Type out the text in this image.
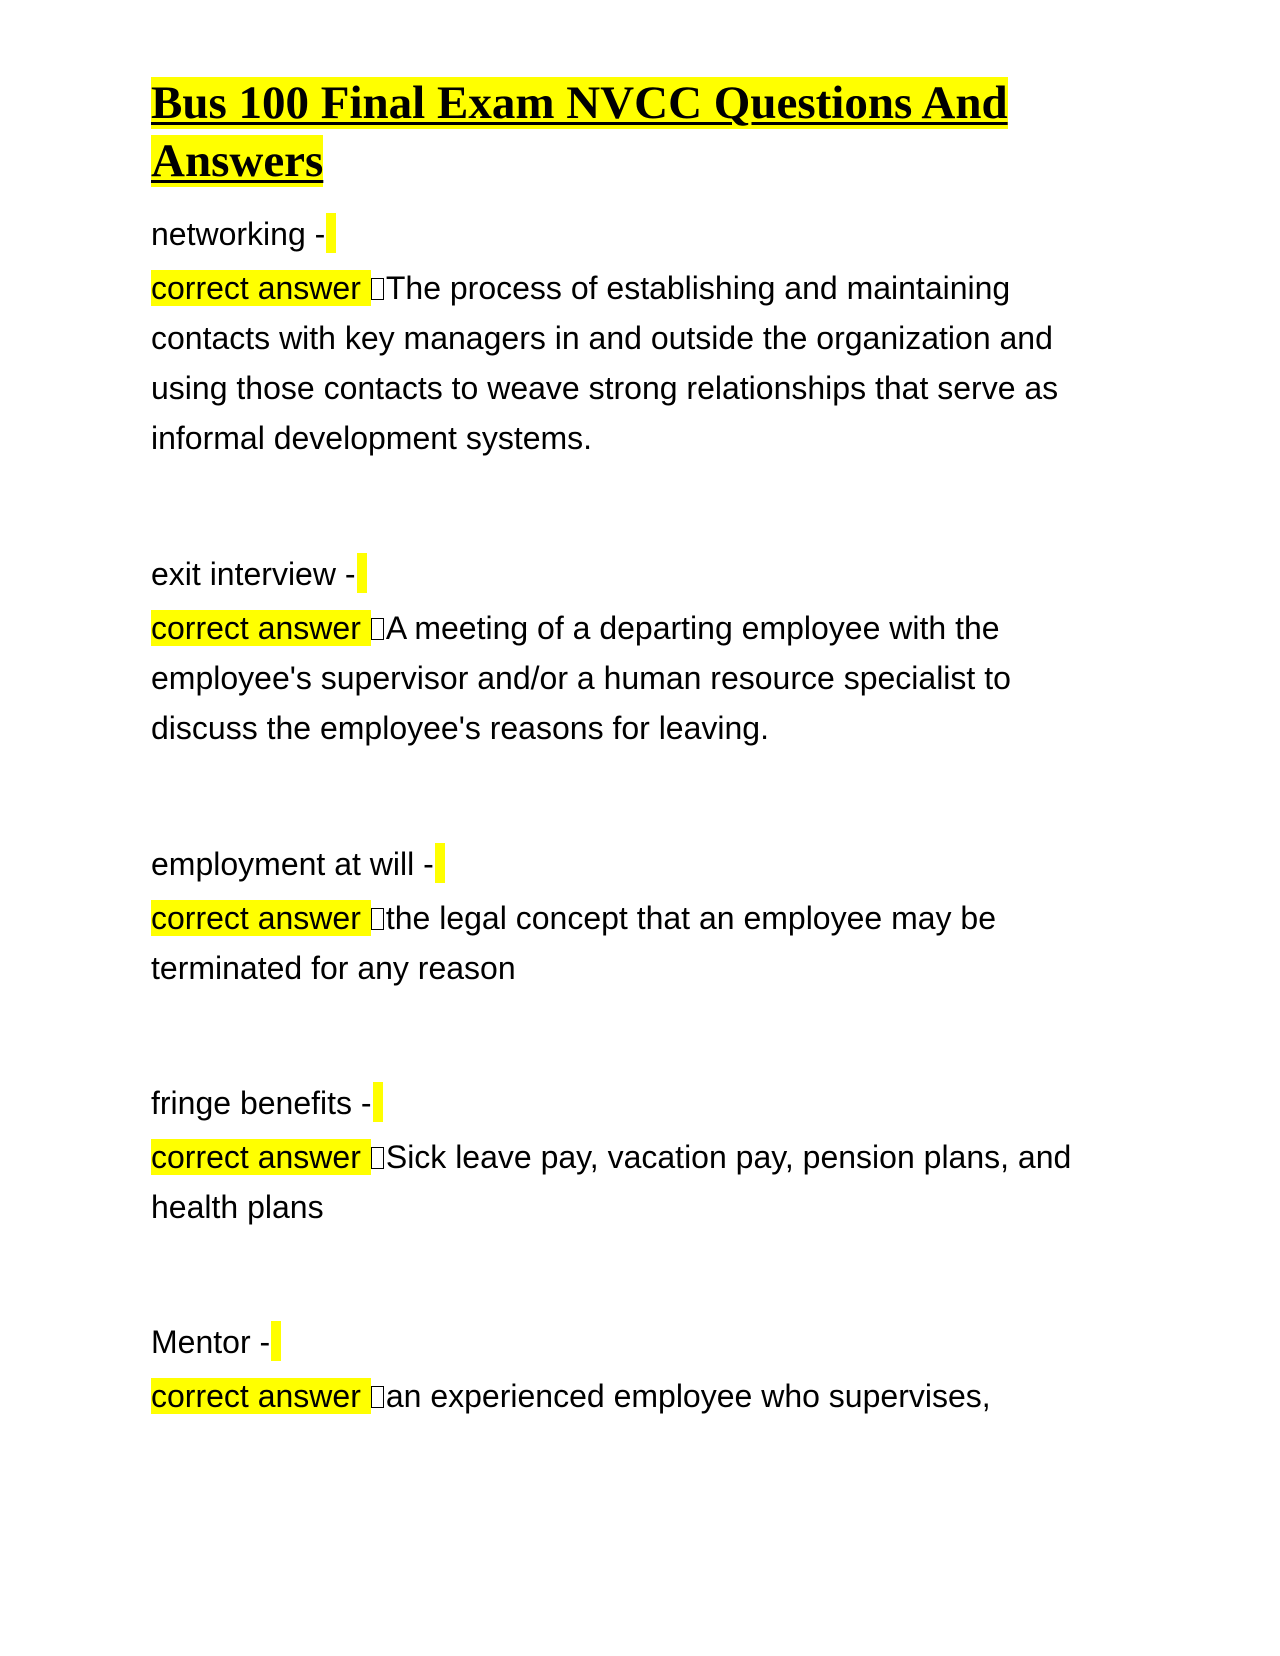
Bus 100 Final Exam NVCC Questions And Answers
networking -
correct answer The process of establishing and maintaining contacts with key managers in and outside the organization and using those contacts to weave strong relationships that serve as informal development systems.
exit interview -
correct answer A meeting of a departing employee with the employee's supervisor and/or a human resource specialist to discuss the employee's reasons for leaving.
employment at will -
correct answer the legal concept that an employee may be terminated for any reason
fringe benefits -
correct answer Sick leave pay, vacation pay, pension plans, and health plans
Mentor -
correct answer an experienced employee who supervises,
